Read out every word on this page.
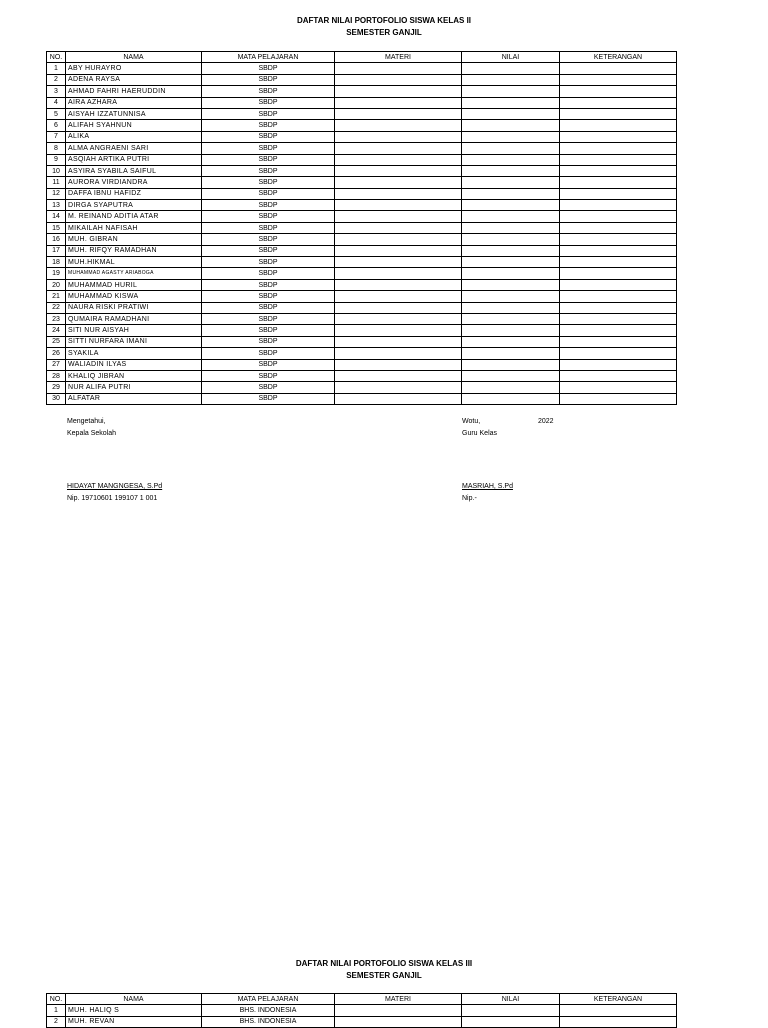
DAFTAR NILAI PORTOFOLIO SISWA KELAS II
SEMESTER GANJIL
NO.	NAMA	MATA PELAJARAN	MATERI	NILAI	KETERANGAN
1	ABY HURAYRO	SBDP			
2	ADENA RAYSA	SBDP			
3	AHMAD FAHRI HAERUDDIN	SBDP			
4	AIRA AZHARA	SBDP			
5	AISYAH IZZATUNNISA	SBDP			
6	ALIFAH SYAHNUN	SBDP			
7	ALIKA	SBDP			
8	ALMA ANGRAENI SARI	SBDP			
9	ASQIAH ARTIKA PUTRI	SBDP			
10	ASYIRA SYABILA SAIFUL	SBDP			
11	AURORA VIRDIANDRA	SBDP			
12	DAFFA IBNU HAFIDZ	SBDP			
13	DIRGA SYAPUTRA	SBDP			
14	M. REINAND ADITIA ATAR	SBDP			
15	MIKAILAH NAFISAH	SBDP			
16	MUH. GIBRAN	SBDP			
17	MUH. RIFQY RAMADHAN	SBDP			
18	MUH.HIKMAL	SBDP			
19	MUHAMMAD AGASTY ARIABOGA	SBDP			
20	MUHAMMAD HURIL	SBDP			
21	MUHAMMAD KISWA	SBDP			
22	NAURA RISKI PRATIWI	SBDP			
23	QUMAIRA RAMADHANI	SBDP			
24	SITI NUR AISYAH	SBDP			
25	SITTI NURFARA IMANI	SBDP			
26	SYAKILA	SBDP			
27	WALIADIN ILYAS	SBDP			
28	KHALIQ JIBRAN	SBDP			
29	NUR ALIFA PUTRI	SBDP			
30	ALFATAR	SBDP			
Mengetahui,
Kepala Sekolah
HIDAYAT MANGNGESA, S.Pd
Nip. 19710601 199107 1 001
Wotu,	2022
Guru Kelas
MASRIAH, S.Pd
Nip.-
DAFTAR NILAI PORTOFOLIO SISWA KELAS III
SEMESTER GANJIL
NO.	NAMA	MATA PELAJARAN	MATERI	NILAI	KETERANGAN
1	MUH. HALIQ S	BHS. INDONESIA			
2	MUH. REVAN	BHS. INDONESIA			
